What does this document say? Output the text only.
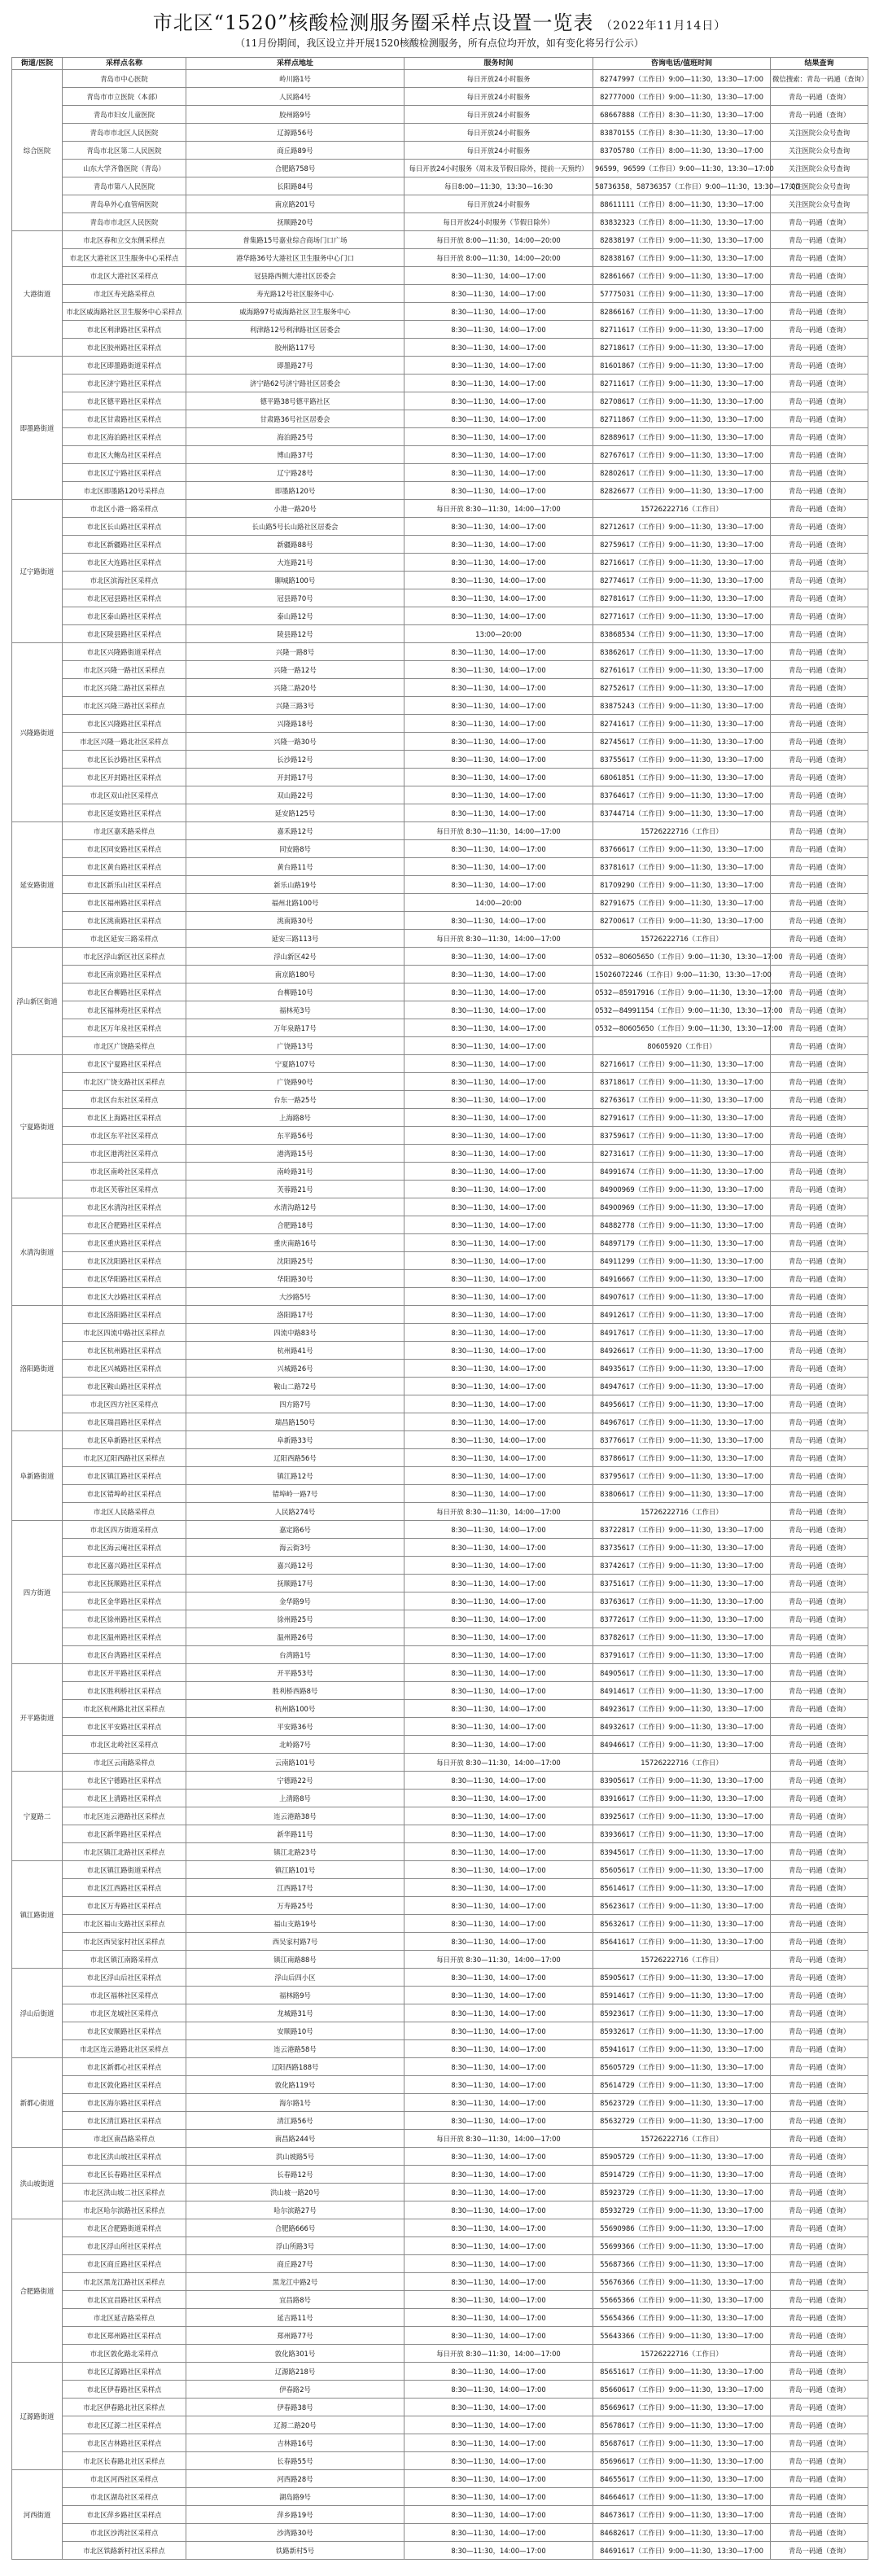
市北区“1520”核酸检测服务圈采样点设置一览表 （2022年11月14日）
（11月份期间，我区设立并开展1520核酸检测服务，所有点位均开放，如有变化将另行公示）
街道/医院	采样点名称	采样点地址	服务时间	咨询电话/值班时间	结果查询
综合医院	青岛市中心医院	岭川路1号	每日开放24小时服务	82747997（工作日）9:00—11:30，13:30—17:00	微信搜索：青岛一码通（查询）
	青岛市市立医院（本部）	人民路4号	每日开放24小时服务	82777000（工作日）9:00—11:30，13:30—17:00	青岛一码通（查询）
	青岛市妇女儿童医院	胶州路9号	每日开放24小时服务	68667888（工作日）8:30—11:30，13:30—17:00	青岛一码通（查询）
	青岛市市北区人民医院	辽源路56号	每日开放24小时服务	83870155（工作日）8:30—11:30，13:30—17:00	关注医院公众号查询
	青岛市北区第二人民医院	商丘路89号	每日开放24小时服务	83705780（工作日）8:00—11:30，13:30—17:00	关注医院公众号查询
	山东大学齐鲁医院（青岛）	合肥路758号	每日开放24小时服务（周末及节假日除外，提前一天预约）	96599，96599（工作日）9:00—11:30，13:30—17:00	关注医院公众号查询
	青岛市第八人民医院	长阳路84号	每日8:00—11:30，13:30—16:30	58736358，58736357（工作日）9:00—11:30，13:30—17:00	关注医院公众号查询
	青岛阜外心血管病医院	南京路201号	每日开放24小时服务	88611111（工作日）8:00—11:30，13:30—17:00	关注医院公众号查询
	青岛市市北区人民医院	抚顺路20号	每日开放24小时服务（节假日除外）	83832323（工作日）8:00—11:30，13:30—17:00	青岛一码通（查询）
大港街道	市北区春和立交东侧采样点	普集路15号嘉业综合商场门口广场	每日开放 8:00—11:30，14:00—20:00	82838197（工作日）9:00—11:30，13:30—17:00	青岛一码通（查询）
	市北区大港社区卫生服务中心采样点	港华路36号大港社区卫生服务中心门口	每日开放 8:00—11:30，14:00—20:00	82838167（工作日）9:00—11:30，13:30—17:00	青岛一码通（查询）
	市北区大港社区采样点	冠县路西侧大港社区居委会	8:30—11:30，14:00—17:00	82861667（工作日）9:00—11:30，13:30—17:00	青岛一码通（查询）
	市北区寿光路采样点	寿光路12号社区服务中心	8:30—11:30，14:00—17:00	57775031（工作日）9:00—11:30，13:30—17:00	青岛一码通（查询）
	市北区威海路社区卫生服务中心采样点	威海路97号威海路社区卫生服务中心	8:30—11:30，14:00—17:00	82866167（工作日）9:00—11:30，13:30—17:00	青岛一码通（查询）
	市北区利津路社区采样点	利津路12号利津路社区居委会	8:30—11:30，14:00—17:00	82711617（工作日）9:00—11:30，13:30—17:00	青岛一码通（查询）
	市北区胶州路社区采样点	胶州路117号	8:30—11:30，14:00—17:00	82718617（工作日）9:00—11:30，13:30—17:00	青岛一码通（查询）
即墨路街道	市北区即墨路街道采样点	即墨路27号	8:30—11:30，14:00—17:00	81601867（工作日）9:00—11:30，13:30—17:00	青岛一码通（查询）
	市北区济宁路社区采样点	济宁路62号济宁路社区居委会	8:30—11:30，14:00—17:00	82711617（工作日）9:00—11:30，13:30—17:00	青岛一码通（查询）
	市北区德平路社区采样点	德平路38号德平路社区	8:30—11:30，14:00—17:00	82708617（工作日）9:00—11:30，13:30—17:00	青岛一码通（查询）
	市北区甘肃路社区采样点	甘肃路36号社区居委会	8:30—11:30，14:00—17:00	82711867（工作日）9:00—11:30，13:30—17:00	青岛一码通（查询）
	市北区海泊路社区采样点	海泊路25号	8:30—11:30，14:00—17:00	82889617（工作日）9:00—11:30，13:30—17:00	青岛一码通（查询）
	市北区大鲍岛社区采样点	博山路37号	8:30—11:30，14:00—17:00	82767617（工作日）9:00—11:30，13:30—17:00	青岛一码通（查询）
	市北区辽宁路社区采样点	辽宁路28号	8:30—11:30，14:00—17:00	82802617（工作日）9:00—11:30，13:30—17:00	青岛一码通（查询）
	市北区即墨路120号采样点	即墨路120号	8:30—11:30，14:00—17:00	82826677（工作日）9:00—11:30，13:30—17:00	青岛一码通（查询）
辽宁路街道	市北区小港一路采样点	小港一路20号	每日开放 8:30—11:30，14:00—17:00	15726222716（工作日）	青岛一码通（查询）
	市北区长山路社区采样点	长山路5号长山路社区居委会	8:30—11:30，14:00—17:00	82712617（工作日）9:00—11:30，13:30—17:00	青岛一码通（查询）
	市北区新疆路社区采样点	新疆路88号	8:30—11:30，14:00—17:00	82759617（工作日）9:00—11:30，13:30—17:00	青岛一码通（查询）
	市北区大连路社区采样点	大连路21号	8:30—11:30，14:00—17:00	82716617（工作日）9:00—11:30，13:30—17:00	青岛一码通（查询）
	市北区滨海社区采样点	聊城路100号	8:30—11:30，14:00—17:00	82774617（工作日）9:00—11:30，13:30—17:00	青岛一码通（查询）
	市北区冠县路社区采样点	冠县路70号	8:30—11:30，14:00—17:00	82781617（工作日）9:00—11:30，13:30—17:00	青岛一码通（查询）
	市北区泰山路社区采样点	泰山路12号	8:30—11:30，14:00—17:00	82771617（工作日）9:00—11:30，13:30—17:00	青岛一码通（查询）
	市北区陵县路社区采样点	陵县路12号	13:00—20:00	83868534（工作日）9:00—11:30，13:30—17:00	青岛一码通（查询）
兴隆路街道	市北区兴隆路街道采样点	兴隆一路8号	8:30—11:30，14:00—17:00	83862617（工作日）9:00—11:30，13:30—17:00	青岛一码通（查询）
	市北区兴隆一路社区采样点	兴隆一路12号	8:30—11:30，14:00—17:00	82761617（工作日）9:00—11:30，13:30—17:00	青岛一码通（查询）
	市北区兴隆二路社区采样点	兴隆二路20号	8:30—11:30，14:00—17:00	82752617（工作日）9:00—11:30，13:30—17:00	青岛一码通（查询）
	市北区兴隆三路社区采样点	兴隆三路3号	8:30—11:30，14:00—17:00	83875243（工作日）9:00—11:30，13:30—17:00	青岛一码通（查询）
	市北区兴隆路社区采样点	兴隆路18号	8:30—11:30，14:00—17:00	82741617（工作日）9:00—11:30，13:30—17:00	青岛一码通（查询）
	市北区兴隆一路北社区采样点	兴隆一路30号	8:30—11:30，14:00—17:00	82745617（工作日）9:00—11:30，13:30—17:00	青岛一码通（查询）
	市北区长沙路社区采样点	长沙路12号	8:30—11:30，14:00—17:00	83755617（工作日）9:00—11:30，13:30—17:00	青岛一码通（查询）
	市北区开封路社区采样点	开封路17号	8:30—11:30，14:00—17:00	68061851（工作日）9:00—11:30，13:30—17:00	青岛一码通（查询）
	市北区双山社区采样点	双山路22号	8:30—11:30，14:00—17:00	83764617（工作日）9:00—11:30，13:30—17:00	青岛一码通（查询）
	市北区延安路社区采样点	延安路125号	8:30—11:30，14:00—17:00	83744714（工作日）9:00—11:30，13:30—17:00	青岛一码通（查询）
延安路街道	市北区嘉禾路采样点	嘉禾路12号	每日开放 8:30—11:30，14:00—17:00	15726222716（工作日）	青岛一码通（查询）
	市北区同安路社区采样点	同安路8号	8:30—11:30，14:00—17:00	83766617（工作日）9:00—11:30，13:30—17:00	青岛一码通（查询）
	市北区黄台路社区采样点	黄台路11号	8:30—11:30，14:00—17:00	83781617（工作日）9:00—11:30，13:30—17:00	青岛一码通（查询）
	市北区新乐山社区采样点	新乐山路19号	8:30—11:30，14:00—17:00	81709290（工作日）9:00—11:30，13:30—17:00	青岛一码通（查询）
	市北区福州路社区采样点	福州北路100号	14:00—20:00	82791675（工作日）9:00—11:30，13:30—17:00	青岛一码通（查询）
	市北区洮南路社区采样点	洮南路30号	8:30—11:30，14:00—17:00	82700617（工作日）9:00—11:30，13:30—17:00	青岛一码通（查询）
	市北区延安三路采样点	延安三路113号	每日开放 8:30—11:30，14:00—17:00	15726222716（工作日）	青岛一码通（查询）
浮山新区街道	市北区浮山新区社区采样点	浮山新区42号	8:30—11:30，14:00—17:00	0532—80605650（工作日）9:00—11:30，13:30—17:00	青岛一码通（查询）
	市北区南京路社区采样点	南京路180号	8:30—11:30，14:00—17:00	15026072246（工作日）9:00—11:30，13:30—17:00	青岛一码通（查询）
	市北区台柳路社区采样点	台柳路10号	8:30—11:30，14:00—17:00	0532—85917916（工作日）9:00—11:30，13:30—17:00	青岛一码通（查询）
	市北区福林苑社区采样点	福林苑3号	8:30—11:30，14:00—17:00	0532—84991154（工作日）9:00—11:30，13:30—17:00	青岛一码通（查询）
	市北区万年泉社区采样点	万年泉路17号	8:30—11:30，14:00—17:00	0532—80605650（工作日）9:00—11:30，13:30—17:00	青岛一码通（查询）
	市北区广饶路采样点	广饶路13号	8:30—11:30，14:00—17:00	80605920（工作日）	青岛一码通（查询）
宁夏路街道	市北区宁夏路社区采样点	宁夏路107号	8:30—11:30，14:00—17:00	82716617（工作日）9:00—11:30，13:30—17:00	青岛一码通（查询）
	市北区广饶支路社区采样点	广饶路90号	8:30—11:30，14:00—17:00	83718617（工作日）9:00—11:30，13:30—17:00	青岛一码通（查询）
	市北区台东社区采样点	台东一路25号	8:30—11:30，14:00—17:00	82763617（工作日）9:00—11:30，13:30—17:00	青岛一码通（查询）
	市北区上海路社区采样点	上海路8号	8:30—11:30，14:00—17:00	82791617（工作日）9:00—11:30，13:30—17:00	青岛一码通（查询）
	市北区东平社区采样点	东平路56号	8:30—11:30，14:00—17:00	83759617（工作日）9:00—11:30，13:30—17:00	青岛一码通（查询）
	市北区港湾社区采样点	港湾路15号	8:30—11:30，14:00—17:00	82731617（工作日）9:00—11:30，13:30—17:00	青岛一码通（查询）
	市北区南岭社区采样点	南岭路31号	8:30—11:30，14:00—17:00	84991674（工作日）9:00—11:30，13:30—17:00	青岛一码通（查询）
	市北区芙蓉社区采样点	芙蓉路21号	8:30—11:30，14:00—17:00	84900969（工作日）9:00—11:30，13:30—17:00	青岛一码通（查询）
水清沟街道	市北区水清沟社区采样点	水清沟路12号	8:30—11:30，14:00—17:00	84900969（工作日）9:00—11:30，13:30—17:00	青岛一码通（查询）
	市北区合肥路社区采样点	合肥路18号	8:30—11:30，14:00—17:00	84882778（工作日）9:00—11:30，13:30—17:00	青岛一码通（查询）
	市北区重庆路社区采样点	重庆南路16号	8:30—11:30，14:00—17:00	84897179（工作日）9:00—11:30，13:30—17:00	青岛一码通（查询）
	市北区沈阳路社区采样点	沈阳路25号	8:30—11:30，14:00—17:00	84911299（工作日）9:00—11:30，13:30—17:00	青岛一码通（查询）
	市北区华阳路社区采样点	华阳路30号	8:30—11:30，14:00—17:00	84916667（工作日）9:00—11:30，13:30—17:00	青岛一码通（查询）
	市北区大沙路社区采样点	大沙路5号	8:30—11:30，14:00—17:00	84907617（工作日）9:00—11:30，13:30—17:00	青岛一码通（查询）
洛阳路街道	市北区洛阳路社区采样点	洛阳路17号	8:30—11:30，14:00—17:00	84912617（工作日）9:00—11:30，13:30—17:00	青岛一码通（查询）
	市北区四流中路社区采样点	四流中路83号	8:30—11:30，14:00—17:00	84917617（工作日）9:00—11:30，13:30—17:00	青岛一码通（查询）
	市北区杭州路社区采样点	杭州路41号	8:30—11:30，14:00—17:00	84926617（工作日）9:00—11:30，13:30—17:00	青岛一码通（查询）
	市北区兴城路社区采样点	兴城路26号	8:30—11:30，14:00—17:00	84935617（工作日）9:00—11:30，13:30—17:00	青岛一码通（查询）
	市北区鞍山路社区采样点	鞍山二路72号	8:30—11:30，14:00—17:00	84947617（工作日）9:00—11:30，13:30—17:00	青岛一码通（查询）
	市北区四方社区采样点	四方路7号	8:30—11:30，14:00—17:00	84956617（工作日）9:00—11:30，13:30—17:00	青岛一码通（查询）
	市北区瑞昌路社区采样点	瑞昌路150号	8:30—11:30，14:00—17:00	84967617（工作日）9:00—11:30，13:30—17:00	青岛一码通（查询）
阜新路街道	市北区阜新路社区采样点	阜新路33号	8:30—11:30，14:00—17:00	83776617（工作日）9:00—11:30，13:30—17:00	青岛一码通（查询）
	市北区辽阳西路社区采样点	辽阳西路56号	8:30—11:30，14:00—17:00	83786617（工作日）9:00—11:30，13:30—17:00	青岛一码通（查询）
	市北区镇江路社区采样点	镇江路12号	8:30—11:30，14:00—17:00	83795617（工作日）9:00—11:30，13:30—17:00	青岛一码通（查询）
	市北区错埠岭社区采样点	错埠岭一路7号	8:30—11:30，14:00—17:00	83806617（工作日）9:00—11:30，13:30—17:00	青岛一码通（查询）
	市北区人民路采样点	人民路274号	每日开放 8:30—11:30，14:00—17:00	15726222716（工作日）	青岛一码通（查询）
四方街道	市北区四方街道采样点	嘉定路6号	8:30—11:30，14:00—17:00	83722817（工作日）9:00—11:30，13:30—17:00	青岛一码通（查询）
	市北区海云庵社区采样点	海云街3号	8:30—11:30，14:00—17:00	83735617（工作日）9:00—11:30，13:30—17:00	青岛一码通（查询）
	市北区嘉兴路社区采样点	嘉兴路12号	8:30—11:30，14:00—17:00	83742617（工作日）9:00—11:30，13:30—17:00	青岛一码通（查询）
	市北区抚顺路社区采样点	抚顺路17号	8:30—11:30，14:00—17:00	83751617（工作日）9:00—11:30，13:30—17:00	青岛一码通（查询）
	市北区金华路社区采样点	金华路9号	8:30—11:30，14:00—17:00	83763617（工作日）9:00—11:30，13:30—17:00	青岛一码通（查询）
	市北区徐州路社区采样点	徐州路25号	8:30—11:30，14:00—17:00	83772617（工作日）9:00—11:30，13:30—17:00	青岛一码通（查询）
	市北区温州路社区采样点	温州路26号	8:30—11:30，14:00—17:00	83782617（工作日）9:00—11:30，13:30—17:00	青岛一码通（查询）
	市北区台湾路社区采样点	台湾路1号	8:30—11:30，14:00—17:00	83791617（工作日）9:00—11:30，13:30—17:00	青岛一码通（查询）
开平路街道	市北区开平路社区采样点	开平路53号	8:30—11:30，14:00—17:00	84905617（工作日）9:00—11:30，13:30—17:00	青岛一码通（查询）
	市北区胜利桥社区采样点	胜利桥西路8号	8:30—11:30，14:00—17:00	84914617（工作日）9:00—11:30，13:30—17:00	青岛一码通（查询）
	市北区杭州路北社区采样点	杭州路100号	8:30—11:30，14:00—17:00	84923617（工作日）9:00—11:30，13:30—17:00	青岛一码通（查询）
	市北区平安路社区采样点	平安路36号	8:30—11:30，14:00—17:00	84932617（工作日）9:00—11:30，13:30—17:00	青岛一码通（查询）
	市北区北岭社区采样点	北岭路7号	8:30—11:30，14:00—17:00	84946617（工作日）9:00—11:30，13:30—17:00	青岛一码通（查询）
	市北区云南路采样点	云南路101号	每日开放 8:30—11:30，14:00—17:00	15726222716（工作日）	青岛一码通（查询）
宁夏路二	市北区宁德路社区采样点	宁德路22号	8:30—11:30，14:00—17:00	83905617（工作日）9:00—11:30，13:30—17:00	青岛一码通（查询）
	市北区上清路社区采样点	上清路8号	8:30—11:30，14:00—17:00	83916617（工作日）9:00—11:30，13:30—17:00	青岛一码通（查询）
	市北区连云港路社区采样点	连云港路38号	8:30—11:30，14:00—17:00	83925617（工作日）9:00—11:30，13:30—17:00	青岛一码通（查询）
	市北区新华路社区采样点	新华路11号	8:30—11:30，14:00—17:00	83936617（工作日）9:00—11:30，13:30—17:00	青岛一码通（查询）
	市北区镇江北路社区采样点	镇江北路23号	8:30—11:30，14:00—17:00	83945617（工作日）9:00—11:30，13:30—17:00	青岛一码通（查询）
镇江路街道	市北区镇江路街道采样点	镇江路101号	8:30—11:30，14:00—17:00	85605617（工作日）9:00—11:30，13:30—17:00	青岛一码通（查询）
	市北区江西路社区采样点	江西路17号	8:30—11:30，14:00—17:00	85614617（工作日）9:00—11:30，13:30—17:00	青岛一码通（查询）
	市北区万寿路社区采样点	万寿路25号	8:30—11:30，14:00—17:00	85623617（工作日）9:00—11:30，13:30—17:00	青岛一码通（查询）
	市北区福山支路社区采样点	福山支路19号	8:30—11:30，14:00—17:00	85632617（工作日）9:00—11:30，13:30—17:00	青岛一码通（查询）
	市北区西吴家村社区采样点	西吴家村路7号	8:30—11:30，14:00—17:00	85641617（工作日）9:00—11:30，13:30—17:00	青岛一码通（查询）
	市北区镇江南路采样点	镇江南路88号	每日开放 8:30—11:30，14:00—17:00	15726222716（工作日）	青岛一码通（查询）
浮山后街道	市北区浮山后社区采样点	浮山后四小区	8:30—11:30，14:00—17:00	85905617（工作日）9:00—11:30，13:30—17:00	青岛一码通（查询）
	市北区福林社区采样点	福林路9号	8:30—11:30，14:00—17:00	85914617（工作日）9:00—11:30，13:30—17:00	青岛一码通（查询）
	市北区龙城社区采样点	龙城路31号	8:30—11:30，14:00—17:00	85923617（工作日）9:00—11:30，13:30—17:00	青岛一码通（查询）
	市北区安顺路社区采样点	安顺路10号	8:30—11:30，14:00—17:00	85932617（工作日）9:00—11:30，13:30—17:00	青岛一码通（查询）
	市北区连云港路北社区采样点	连云港路58号	8:30—11:30，14:00—17:00	85941617（工作日）9:00—11:30，13:30—17:00	青岛一码通（查询）
新都心街道	市北区新都心社区采样点	辽阳西路188号	8:30—11:30，14:00—17:00	85605729（工作日）9:00—11:30，13:30—17:00	青岛一码通（查询）
	市北区敦化路社区采样点	敦化路119号	8:30—11:30，14:00—17:00	85614729（工作日）9:00—11:30，13:30—17:00	青岛一码通（查询）
	市北区海尔路社区采样点	海尔路1号	8:30—11:30，14:00—17:00	85623729（工作日）9:00—11:30，13:30—17:00	青岛一码通（查询）
	市北区清江路社区采样点	清江路56号	8:30—11:30，14:00—17:00	85632729（工作日）9:00—11:30，13:30—17:00	青岛一码通（查询）
	市北区南昌路采样点	南昌路244号	每日开放 8:30—11:30，14:00—17:00	15726222716（工作日）	青岛一码通（查询）
洪山坡街道	市北区洪山坡社区采样点	洪山坡路5号	8:30—11:30，14:00—17:00	85905729（工作日）9:00—11:30，13:30—17:00	青岛一码通（查询）
	市北区长春路社区采样点	长春路12号	8:30—11:30，14:00—17:00	85914729（工作日）9:00—11:30，13:30—17:00	青岛一码通（查询）
	市北区洪山坡二社区采样点	洪山坡一路20号	8:30—11:30，14:00—17:00	85923729（工作日）9:00—11:30，13:30—17:00	青岛一码通（查询）
	市北区哈尔滨路社区采样点	哈尔滨路27号	8:30—11:30，14:00—17:00	85932729（工作日）9:00—11:30，13:30—17:00	青岛一码通（查询）
合肥路街道	市北区合肥路街道采样点	合肥路666号	8:30—11:30，14:00—17:00	55690986（工作日）9:00—11:30，13:30—17:00	青岛一码通（查询）
	市北区浮山所社区采样点	浮山所路3号	8:30—11:30，14:00—17:00	55699366（工作日）9:00—11:30，13:30—17:00	青岛一码通（查询）
	市北区商丘路社区采样点	商丘路27号	8:30—11:30，14:00—17:00	55687366（工作日）9:00—11:30，13:30—17:00	青岛一码通（查询）
	市北区黑龙江路社区采样点	黑龙江中路2号	8:30—11:30，14:00—17:00	55676366（工作日）9:00—11:30，13:30—17:00	青岛一码通（查询）
	市北区宜昌路社区采样点	宜昌路8号	8:30—11:30，14:00—17:00	55665366（工作日）9:00—11:30，13:30—17:00	青岛一码通（查询）
	市北区延吉路采样点	延吉路11号	8:30—11:30，14:00—17:00	55654366（工作日）9:00—11:30，13:30—17:00	青岛一码通（查询）
	市北区郑州路社区采样点	郑州路77号	8:30—11:30，14:00—17:00	55643366（工作日）9:00—11:30，13:30—17:00	青岛一码通（查询）
	市北区敦化路北采样点	敦化路301号	每日开放 8:30—11:30，14:00—17:00	15726222716（工作日）	青岛一码通（查询）
辽源路街道	市北区辽源路社区采样点	辽源路218号	8:30—11:30，14:00—17:00	85651617（工作日）9:00—11:30，13:30—17:00	青岛一码通（查询）
	市北区伊春路社区采样点	伊春路2号	8:30—11:30，14:00—17:00	85660617（工作日）9:00—11:30，13:30—17:00	青岛一码通（查询）
	市北区伊春路北社区采样点	伊春路38号	8:30—11:30，14:00—17:00	85669617（工作日）9:00—11:30，13:30—17:00	青岛一码通（查询）
	市北区辽源二社区采样点	辽源二路20号	8:30—11:30，14:00—17:00	85678617（工作日）9:00—11:30，13:30—17:00	青岛一码通（查询）
	市北区吉林路社区采样点	吉林路16号	8:30—11:30，14:00—17:00	85687617（工作日）9:00—11:30，13:30—17:00	青岛一码通（查询）
	市北区长春路北社区采样点	长春路55号	8:30—11:30，14:00—17:00	85696617（工作日）9:00—11:30，13:30—17:00	青岛一码通（查询）
河西街道	市北区河西社区采样点	河西路28号	8:30—11:30，14:00—17:00	84655617（工作日）9:00—11:30，13:30—17:00	青岛一码通（查询）
	市北区湖岛社区采样点	湖岛路9号	8:30—11:30，14:00—17:00	84664617（工作日）9:00—11:30，13:30—17:00	青岛一码通（查询）
	市北区萍乡路社区采样点	萍乡路19号	8:30—11:30，14:00—17:00	84673617（工作日）9:00—11:30，13:30—17:00	青岛一码通（查询）
	市北区沙湾社区采样点	沙湾路30号	8:30—11:30，14:00—17:00	84682617（工作日）9:00—11:30，13:30—17:00	青岛一码通（查询）
	市北区铁路新村社区采样点	铁路新村5号	8:30—11:30，14:00—17:00	84691617（工作日）9:00—11:30，13:30—17:00	青岛一码通（查询）
